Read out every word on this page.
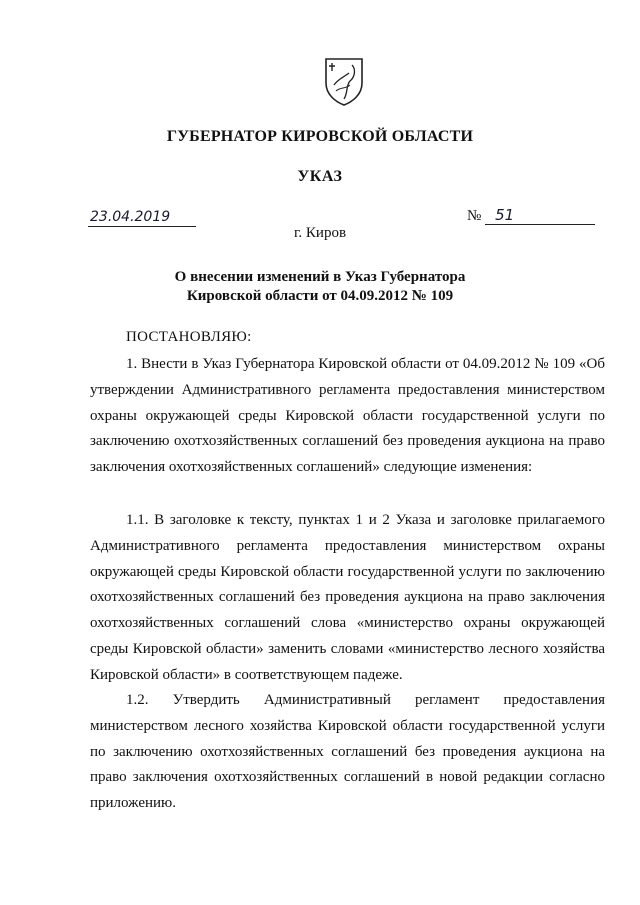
ГУБЕРНАТОР КИРОВСКОЙ ОБЛАСТИ
УКАЗ
23.04.2019	№ 51
г. Киров
О внесении изменений в Указ Губернатора
Кировской области от 04.09.2012 № 109
ПОСТАНОВЛЯЮ:

1. Внести в Указ Губернатора Кировской области от 04.09.2012 № 109 «Об утверждении Административного регламента предоставления министерством охраны окружающей среды Кировской области государственной услуги по заключению охотхозяйственных соглашений без проведения аукциона на право заключения охотхозяйственных соглашений» следующие изменения:

1.1. В заголовке к тексту, пунктах 1 и 2 Указа и заголовке прилагаемого Административного регламента предоставления министерством охраны окружающей среды Кировской области государственной услуги по заключению охотхозяйственных соглашений без проведения аукциона на право заключения охотхозяйственных соглашений слова «министерство охраны окружающей среды Кировской области» заменить словами «министерство лесного хозяйства Кировской области» в соответствующем падеже.

1.2. Утвердить Административный регламент предоставления министерством лесного хозяйства Кировской области государственной услуги по заключению охотхозяйственных соглашений без проведения аукциона на право заключения охотхозяйственных соглашений в новой редакции согласно приложению.
